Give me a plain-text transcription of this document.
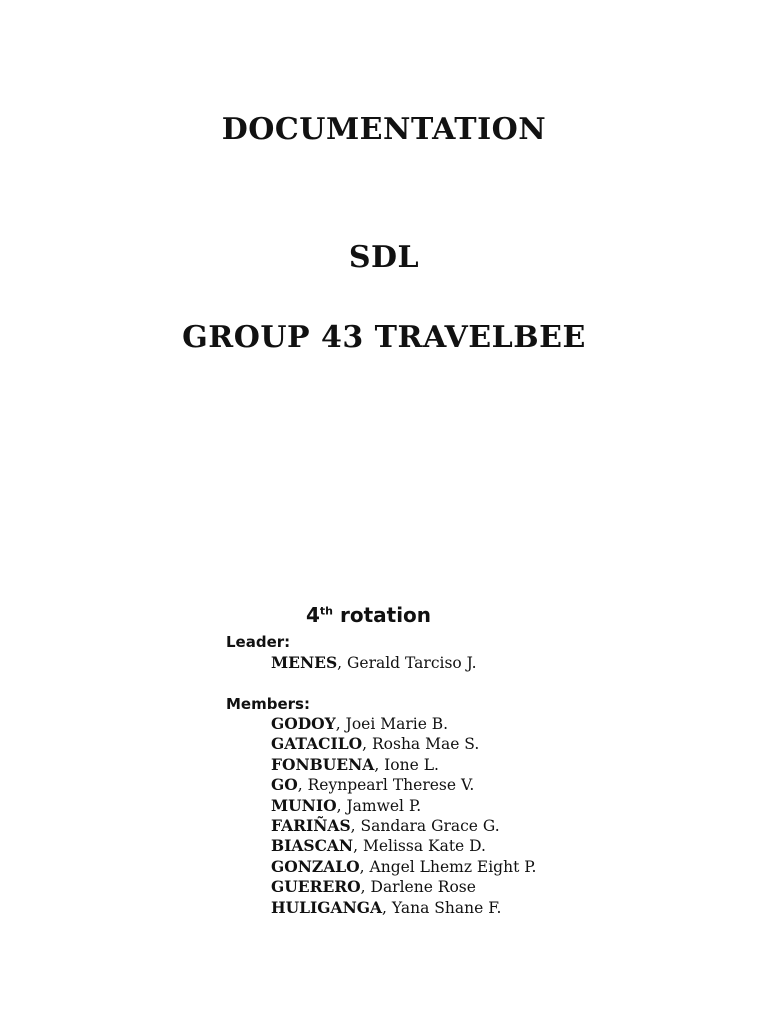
DOCUMENTATION
SDL
GROUP 43 TRAVELBEE

4th rotation

Leader:

MENES, Gerald Tarciso J.

Members:

GODOY, Joei Marie B.
GATACILO, Rosha Mae S.
FONBUENA, Ione L.
GO, Reynpearl Therese V.
MUNIO, Jamwel P.
FARIÑAS, Sandara Grace G.
BIASCAN, Melissa Kate D.
GONZALO, Angel Lhemz Eight P.
GUERERO, Darlene Rose
HULIGANGA, Yana Shane F.
